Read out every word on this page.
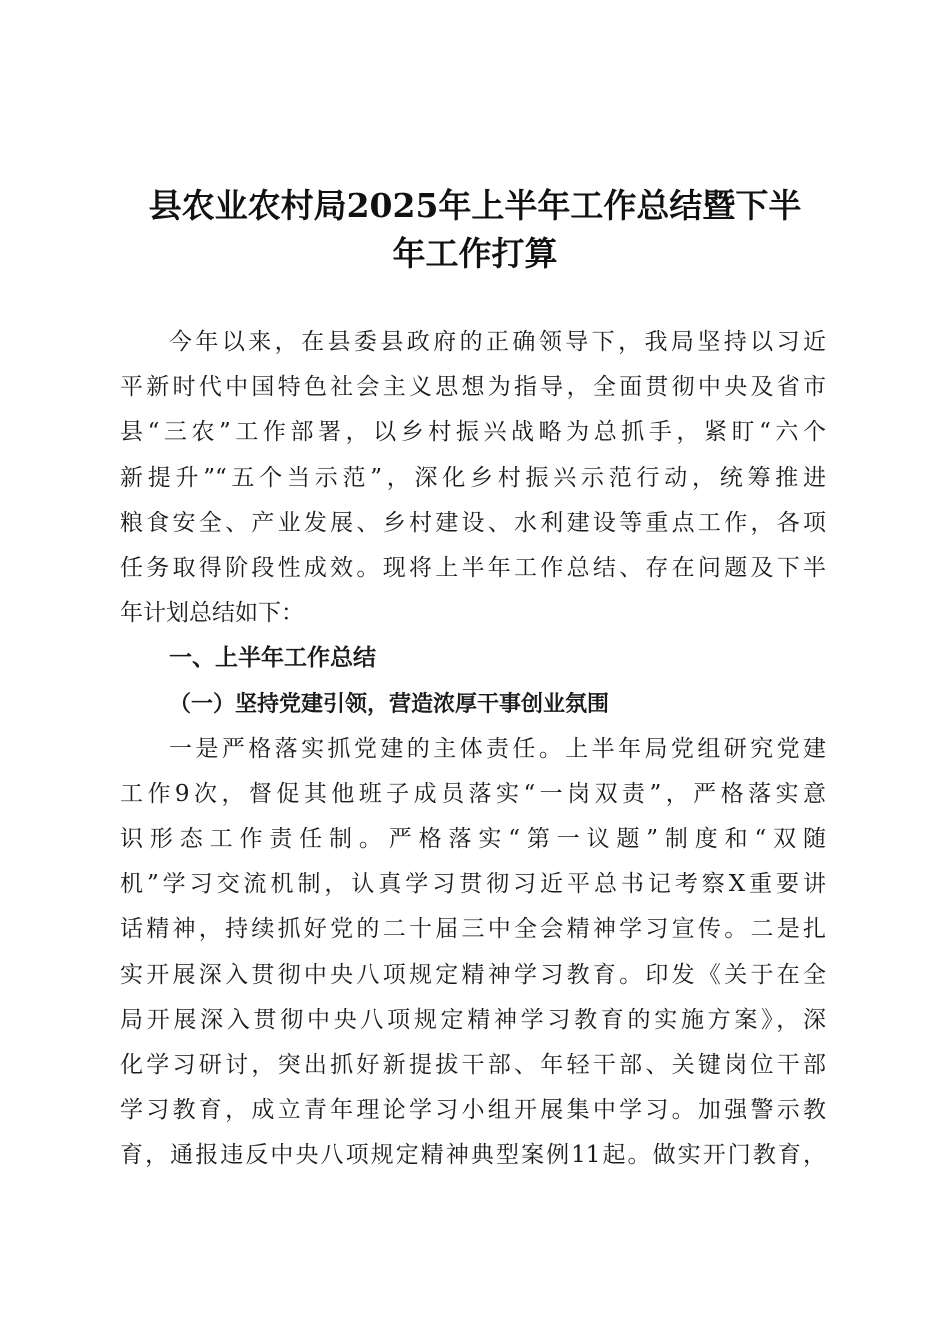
县农业农村局2025年上半年工作总结暨下半
年工作打算
今年以来，在县委县政府的正确领导下，我局坚持以习近
平新时代中国特色社会主义思想为指导，全面贯彻中央及省市
县“三农”工作部署，以乡村振兴战略为总抓手，紧盯“六个
新提升”“五个当示范”，深化乡村振兴示范行动，统筹推进
粮食安全、产业发展、乡村建设、水利建设等重点工作，各项
任务取得阶段性成效。现将上半年工作总结、存在问题及下半
年计划总结如下：
一、上半年工作总结
（一）坚持党建引领，营造浓厚干事创业氛围
一是严格落实抓党建的主体责任。上半年局党组研究党建
工作9次，督促其他班子成员落实“一岗双责”，严格落实意
识形态工作责任制。严格落实“第一议题”制度和“双随
机”学习交流机制，认真学习贯彻习近平总书记考察X重要讲
话精神，持续抓好党的二十届三中全会精神学习宣传。二是扎
实开展深入贯彻中央八项规定精神学习教育。印发《关于在全
局开展深入贯彻中央八项规定精神学习教育的实施方案》，深
化学习研讨，突出抓好新提拔干部、年轻干部、关键岗位干部
学习教育，成立青年理论学习小组开展集中学习。加强警示教
育，通报违反中央八项规定精神典型案例11起。做实开门教育，
